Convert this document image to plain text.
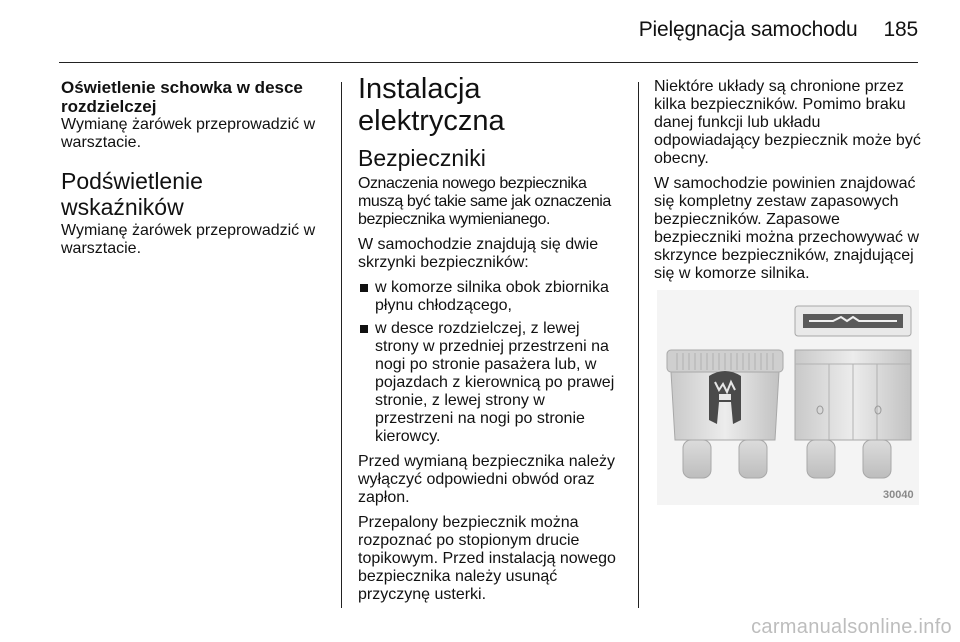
Pielęgnacja samochodu 185
Oświetlenie schowka w desce rozdzielczej

Wymianę żarówek przeprowadzić w warsztacie.

Podświetlenie wskaźników

Wymianę żarówek przeprowadzić w warsztacie.

Instalacja elektryczna
Bezpieczniki

Oznaczenia nowego bezpiecznika muszą być takie same jak oznaczenia bezpiecznika wymienianego.

W samochodzie znajdują się dwie skrzynki bezpieczników:

w komorze silnika obok zbiornika płynu chłodzącego,
w desce rozdzielczej, z lewej strony w przedniej przestrzeni na nogi po stronie pasażera lub, w pojazdach z kierownicą po prawej stronie, z lewej strony w przestrzeni na nogi po stronie kierowcy.

Przed wymianą bezpiecznika należy wyłączyć odpowiedni obwód oraz zapłon.

Przepalony bezpiecznik można rozpoznać po stopionym drucie topikowym. Przed instalacją nowego bezpiecznika należy usunąć przyczynę usterki.

Niektóre układy są chronione przez kilka bezpieczników. Pomimo braku danej funkcji lub układu odpowiadający bezpiecznik może być obecny.

W samochodzie powinien znajdować się kompletny zestaw zapasowych bezpieczników. Zapasowe bezpieczniki można przechowywać w skrzynce bezpieczników, znajdującej się w komorze silnika.

30040
carmanualsonline.info
